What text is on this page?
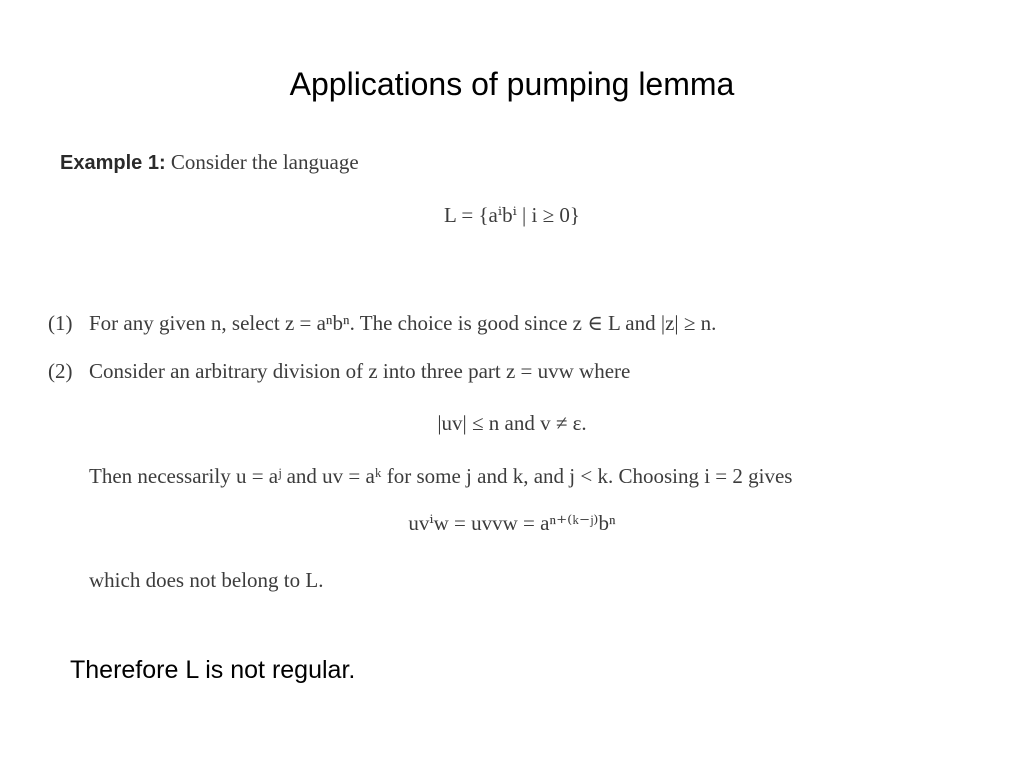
Applications of pumping lemma
Example 1: Consider the language
L = {aⁱbⁱ | i ≥ 0}
(1) For any given n, select z = aⁿbⁿ. The choice is good since z ∈ L and |z| ≥ n.
(2) Consider an arbitrary division of z into three part z = uvw where
|uv| ≤ n and v ≠ ε.
Then necessarily u = aʲ and uv = aᵏ for some j and k, and j < k. Choosing i = 2 gives
uvⁱw = uvvw = aⁿ⁺⁽ᵏ⁻ʲ⁾bⁿ
which does not belong to L.
Therefore L is not regular.
